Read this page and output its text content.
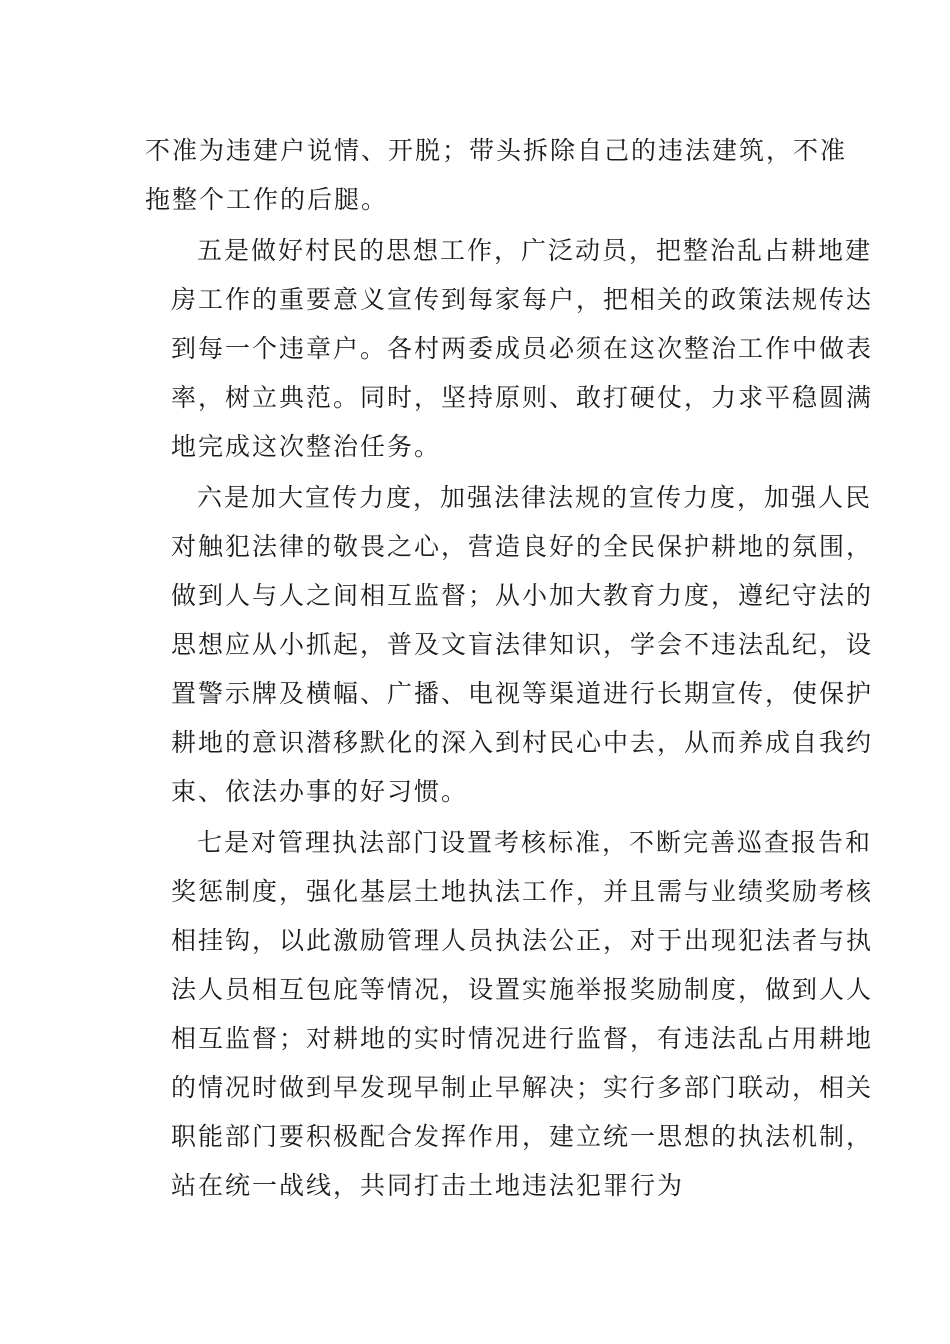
不准为违建户说情、开脱；带头拆除自己的违法建筑，不准
拖整个工作的后腿。
五是做好村民的思想工作，广泛动员，把整治乱占耕地建
房工作的重要意义宣传到每家每户，把相关的政策法规传达
到每一个违章户。各村两委成员必须在这次整治工作中做表
率，树立典范。同时，坚持原则、敢打硬仗，力求平稳圆满
地完成这次整治任务。
六是加大宣传力度，加强法律法规的宣传力度，加强人民
对触犯法律的敬畏之心，营造良好的全民保护耕地的氛围，
做到人与人之间相互监督；从小加大教育力度，遵纪守法的
思想应从小抓起，普及文盲法律知识，学会不违法乱纪，设
置警示牌及横幅、广播、电视等渠道进行长期宣传，使保护
耕地的意识潜移默化的深入到村民心中去，从而养成自我约
束、依法办事的好习惯。
七是对管理执法部门设置考核标准，不断完善巡查报告和
奖惩制度，强化基层土地执法工作，并且需与业绩奖励考核
相挂钩，以此激励管理人员执法公正，对于出现犯法者与执
法人员相互包庇等情况，设置实施举报奖励制度，做到人人
相互监督；对耕地的实时情况进行监督，有违法乱占用耕地
的情况时做到早发现早制止早解决；实行多部门联动，相关
职能部门要积极配合发挥作用，建立统一思想的执法机制，
站在统一战线，共同打击土地违法犯罪行为
